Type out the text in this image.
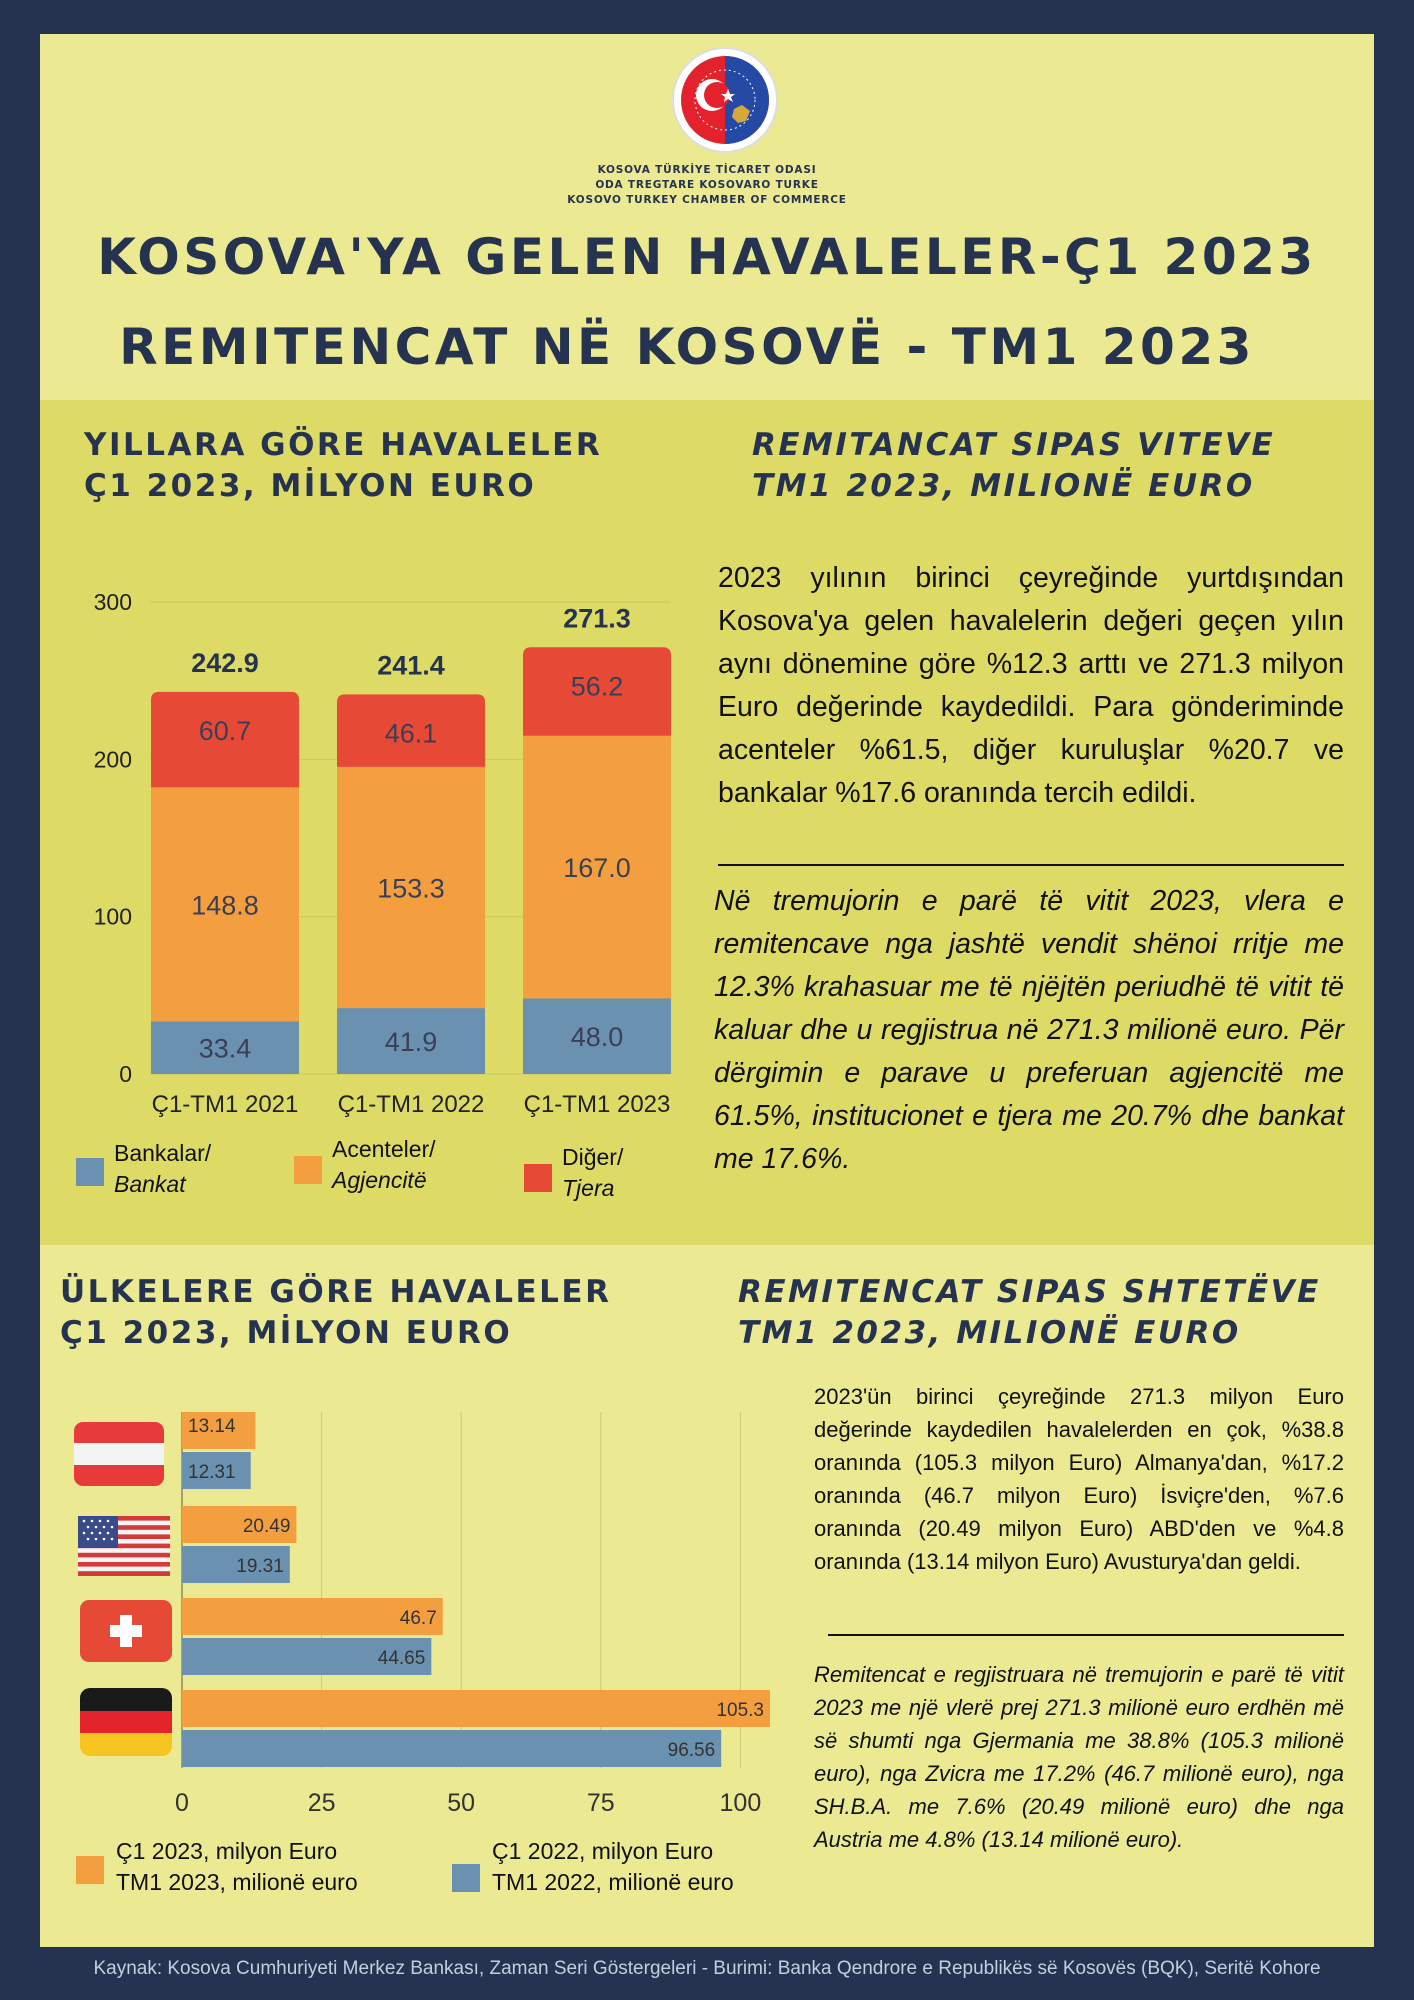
KOSOVA TÜRKİYE TİCARET ODASI
ODA TREGTARE KOSOVARO TURKE
KOSOVO TURKEY CHAMBER OF COMMERCE
KOSOVA'YA GELEN HAVALELER-Ç1 2023
REMITENCAT NË KOSOVË - TM1 2023
YILLARA GÖRE HAVALELER
Ç1 2023, MİLYON EURO
REMITANCAT SIPAS VITEVE
TM1 2023, MILIONË EURO
0
100
200
300
33.4
148.8
60.7
242.9
Ç1-TM1 2021
41.9
153.3
46.1
241.4
Ç1-TM1 2022
48.0
167.0
56.2
271.3
Ç1-TM1 2023
Bankalar/
Bankat
Acenteler/
Agjencitë
Diğer/
Tjera
2023 yılının birinci çeyreğinde yurtdışından Kosova'ya gelen havalelerin değeri geçen yılın aynı dönemine göre %12.3 arttı ve 271.3 milyon Euro değerinde kaydedildi. Para gönderiminde acenteler %61.5, diğer kuruluşlar %20.7 ve bankalar %17.6 oranında tercih edildi.
Në tremujorin e parë të vitit 2023, vlera e remitencave nga jashtë vendit shënoi rritje me 12.3% krahasuar me të njëjtën periudhë të vitit të kaluar dhe u regjistrua në 271.3 milionë euro. Për dërgimin e parave u preferuan agjencitë me 61.5%, institucionet e tjera me 20.7% dhe bankat me 17.6%.
ÜLKELERE GÖRE HAVALELER
Ç1 2023, MİLYON EURO
REMITENCAT SIPAS SHTETËVE
TM1 2023, MILIONË EURO
0	25	50	75	100
13.14
12.31
20.49
19.31
46.7
44.65
105.3
96.56
Ç1 2023, milyon Euro
TM1 2023, milionë euro
Ç1 2022, milyon Euro
TM1 2022, milionë euro
2023'ün birinci çeyreğinde 271.3 milyon Euro değerinde kaydedilen havalelerden en çok, %38.8 oranında (105.3 milyon Euro) Almanya'dan, %17.2 oranında (46.7 milyon Euro) İsviçre'den, %7.6 oranında (20.49 milyon Euro) ABD'den ve %4.8 oranında (13.14 milyon Euro) Avusturya'dan geldi.
Remitencat e regjistruara në tremujorin e parë të vitit 2023 me një vlerë prej 271.3 milionë euro erdhën më së shumti nga Gjermania me 38.8% (105.3 milionë euro), nga Zvicra me 17.2% (46.7 milionë euro), nga SH.B.A. me 7.6% (20.49 milionë euro) dhe nga Austria me 4.8% (13.14 milionë euro).
Kaynak: Kosova Cumhuriyeti Merkez Bankası, Zaman Seri Göstergeleri - Burimi: Banka Qendrore e Republikës së Kosovës (BQK), Seritë Kohore
